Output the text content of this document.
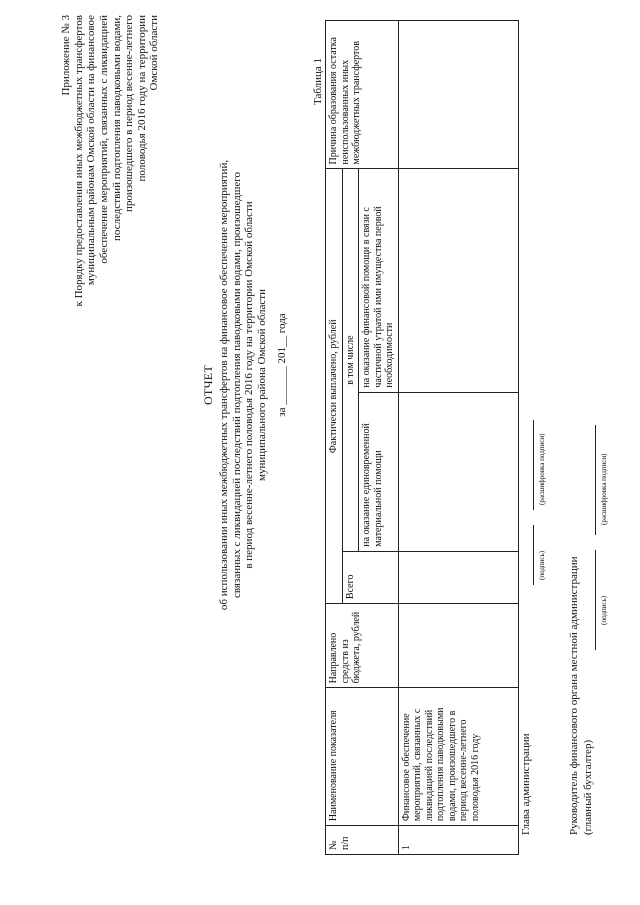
Приложение № 3 к Порядку предоставления иных межбюджетных трансфертов муниципальным районам Омской области на финансовое обеспечение мероприятий, связанных с ликвидацией последствий подтопления паводковыми водами, произошедшего в период весенне-летнего половодья 2016 году на территории Омской области
ОТЧЕТ об использовании иных межбюджетных трансфертов на финансовое обеспечение мероприятий, связанных с ликвидацией последствий подтопления паводковыми водами, произошедшего в период весенне-летнего половодья 2016 году на территории Омской области муниципального района Омской области за _______ 201__ года
Таблица 1
№ п/п	Наименование показателя	Направлено средств из бюджета, рублей	Фактически выплачено, рублей			Причина образования остатка неиспользованных иных межбюджетных трансфертов
			Всего	в том числе		
				на оказание единовременной материальной помощи	на оказание финансовой помощи в связи с частичной утратой ими имущества первой необходимости	
1	Финансовое обеспечение мероприятий, связанных с ликвидацией последствий подтопления паводковыми водами, произошедшего в период весенне-летнего половодья 2016 году						Глава администрации
(подпись)
(расшифровка подписи)
Руководитель финансового органа местной администрации (главный бухгалтер)
(подпись)
(расшифровка подписи)
